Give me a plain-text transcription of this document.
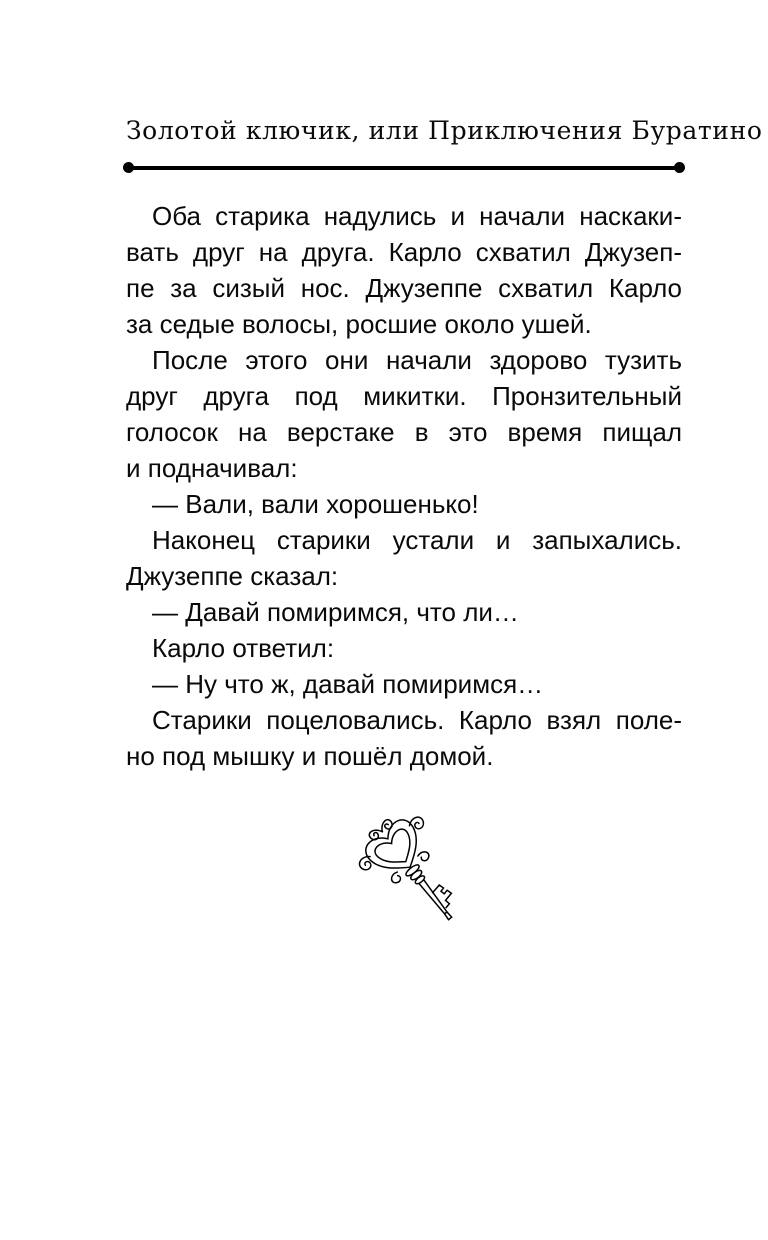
Золотой ключик, или Приключения Буратино
Оба старика надулись и начали наскаки-
вать друг на друга. Карло схватил Джузеп-
пе за сизый нос. Джузеппе схватил Карло
за седые волосы, росшие около ушей.
После этого они начали здорово тузить
друг друга под микитки. Пронзительный
голосок на верстаке в это время пищал
и подначивал:
— Вали, вали хорошенько!
Наконец старики устали и запыхались.
Джузеппе сказал:
— Давай помиримся, что ли…
Карло ответил:
— Ну что ж, давай помиримся…
Старики поцеловались. Карло взял поле-
но под мышку и пошёл домой.
